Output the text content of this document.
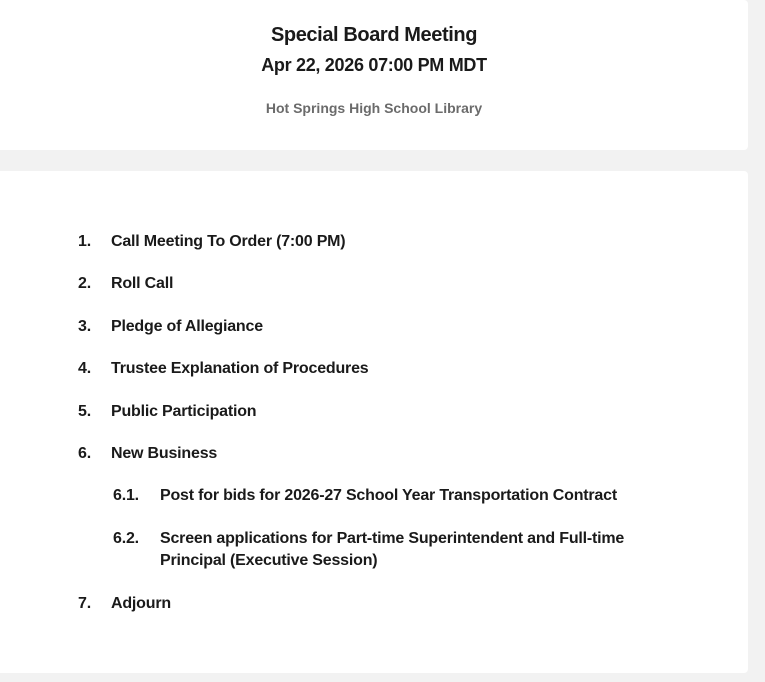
Special Board Meeting
Apr 22, 2026 07:00 PM MDT
Hot Springs High School Library
1. Call Meeting To Order (7:00 PM)
2. Roll Call
3. Pledge of Allegiance
4. Trustee Explanation of Procedures
5. Public Participation
6. New Business
6.1. Post for bids for 2026-27 School Year Transportation Contract
6.2. Screen applications for Part-time Superintendent and Full-time Principal (Executive Session)
7. Adjourn
